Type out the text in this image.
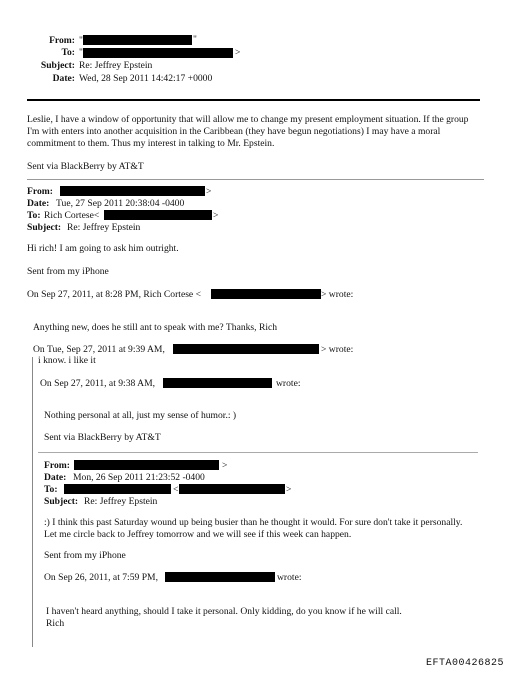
From: "	"
To: "	>
Subject: Re: Jeffrey Epstein
Date: Wed, 28 Sep 2011 14:42:17 +0000
Leslie, I have a window of opportunity that will allow me to change my present employment situation. If the group I'm with enters into another acquisition in the Caribbean (they have begun negotiations) I may have a moral commitment to them. Thus my interest in talking to Mr. Epstein.
Sent via BlackBerry by AT&T
From:	>
Date: Tue, 27 Sep 2011 20:38:04 -0400
To: Rich Cortese<	>
Subject: Re: Jeffrey Epstein
Hi rich! I am going to ask him outright.
Sent from my iPhone
On Sep 27, 2011, at 8:28 PM, Rich Cortese <	> wrote:
Anything new, does he still ant to speak with me? Thanks, Rich
On Tue, Sep 27, 2011 at 9:39 AM,	> wrote:
i know. i like it
On Sep 27, 2011, at 9:38 AM,	wrote:
Nothing personal at all, just my sense of humor.: )
Sent via BlackBerry by AT&T
From:	>
Date: Mon, 26 Sep 2011 21:23:52 -0400
To:	<	>
Subject: Re: Jeffrey Epstein
:) I think this past Saturday wound up being busier than he thought it would. For sure don't take it personally. Let me circle back to Jeffrey tomorrow and we will see if this week can happen.
Sent from my iPhone
On Sep 26, 2011, at 7:59 PM,	wrote:
I haven't heard anything, should I take it personal. Only kidding, do you know if he will call.
Rich
EFTA00426825
